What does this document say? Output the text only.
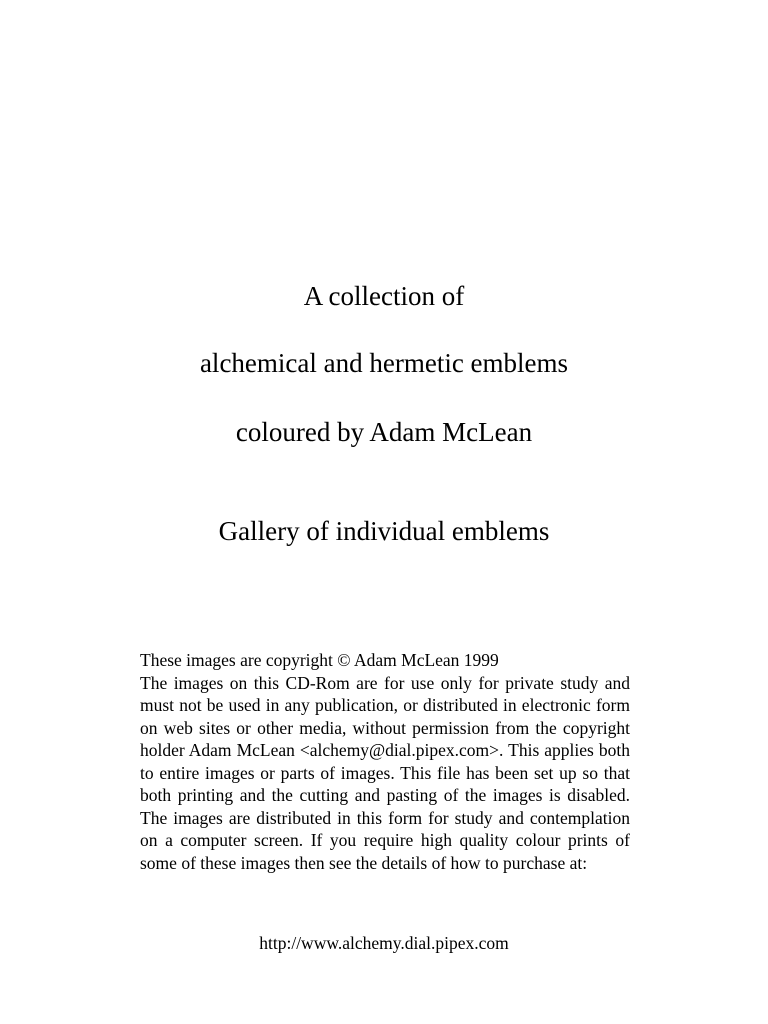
A collection of
alchemical and hermetic emblems
coloured by Adam McLean
Gallery of individual emblems
These images are copyright © Adam McLean 1999
The images on this CD-Rom are for use only for private study and must not be used in any publication, or distributed in electronic form on web sites or other media, without permission from the copyright holder Adam McLean <alchemy@dial.pipex.com>. This applies both to entire images or parts of images. This file has been set up so that both printing and the cutting and pasting of the images is disabled. The images are distributed in this form for study and contemplation on a computer screen. If you require high quality colour prints of some of these images then see the details of how to purchase at:
http://www.alchemy.dial.pipex.com
